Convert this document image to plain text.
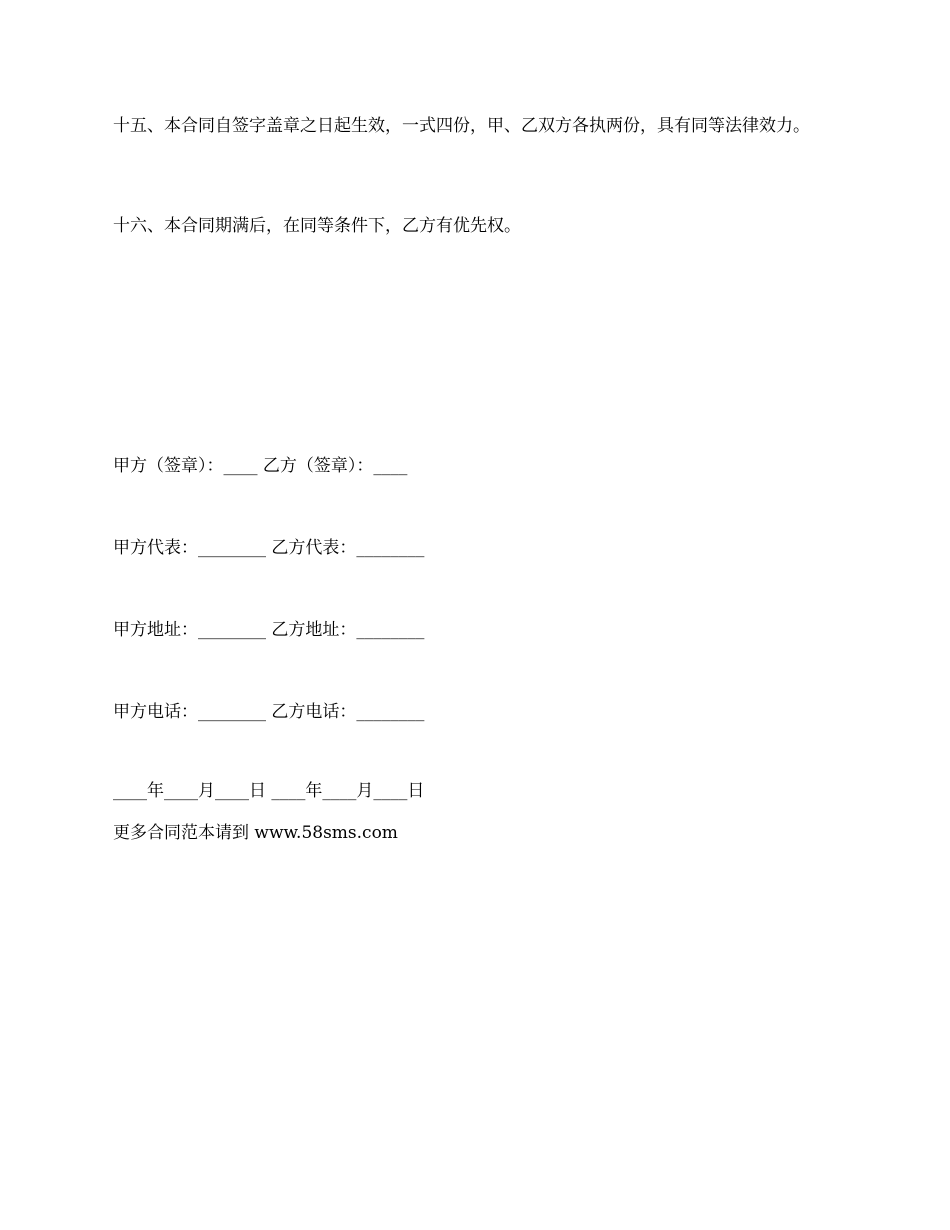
十五、本合同自签字盖章之日起生效，一式四份，甲、乙双方各执两份，具有同等法律效力。
十六、本合同期满后，在同等条件下，乙方有优先权。
甲方（签章）：____ 乙方（签章）：____
甲方代表：________ 乙方代表：________
甲方地址：________ 乙方地址：________
甲方电话：________ 乙方电话：________
____年____月____日 ____年____月____日
更多合同范本请到 www.58sms.com
